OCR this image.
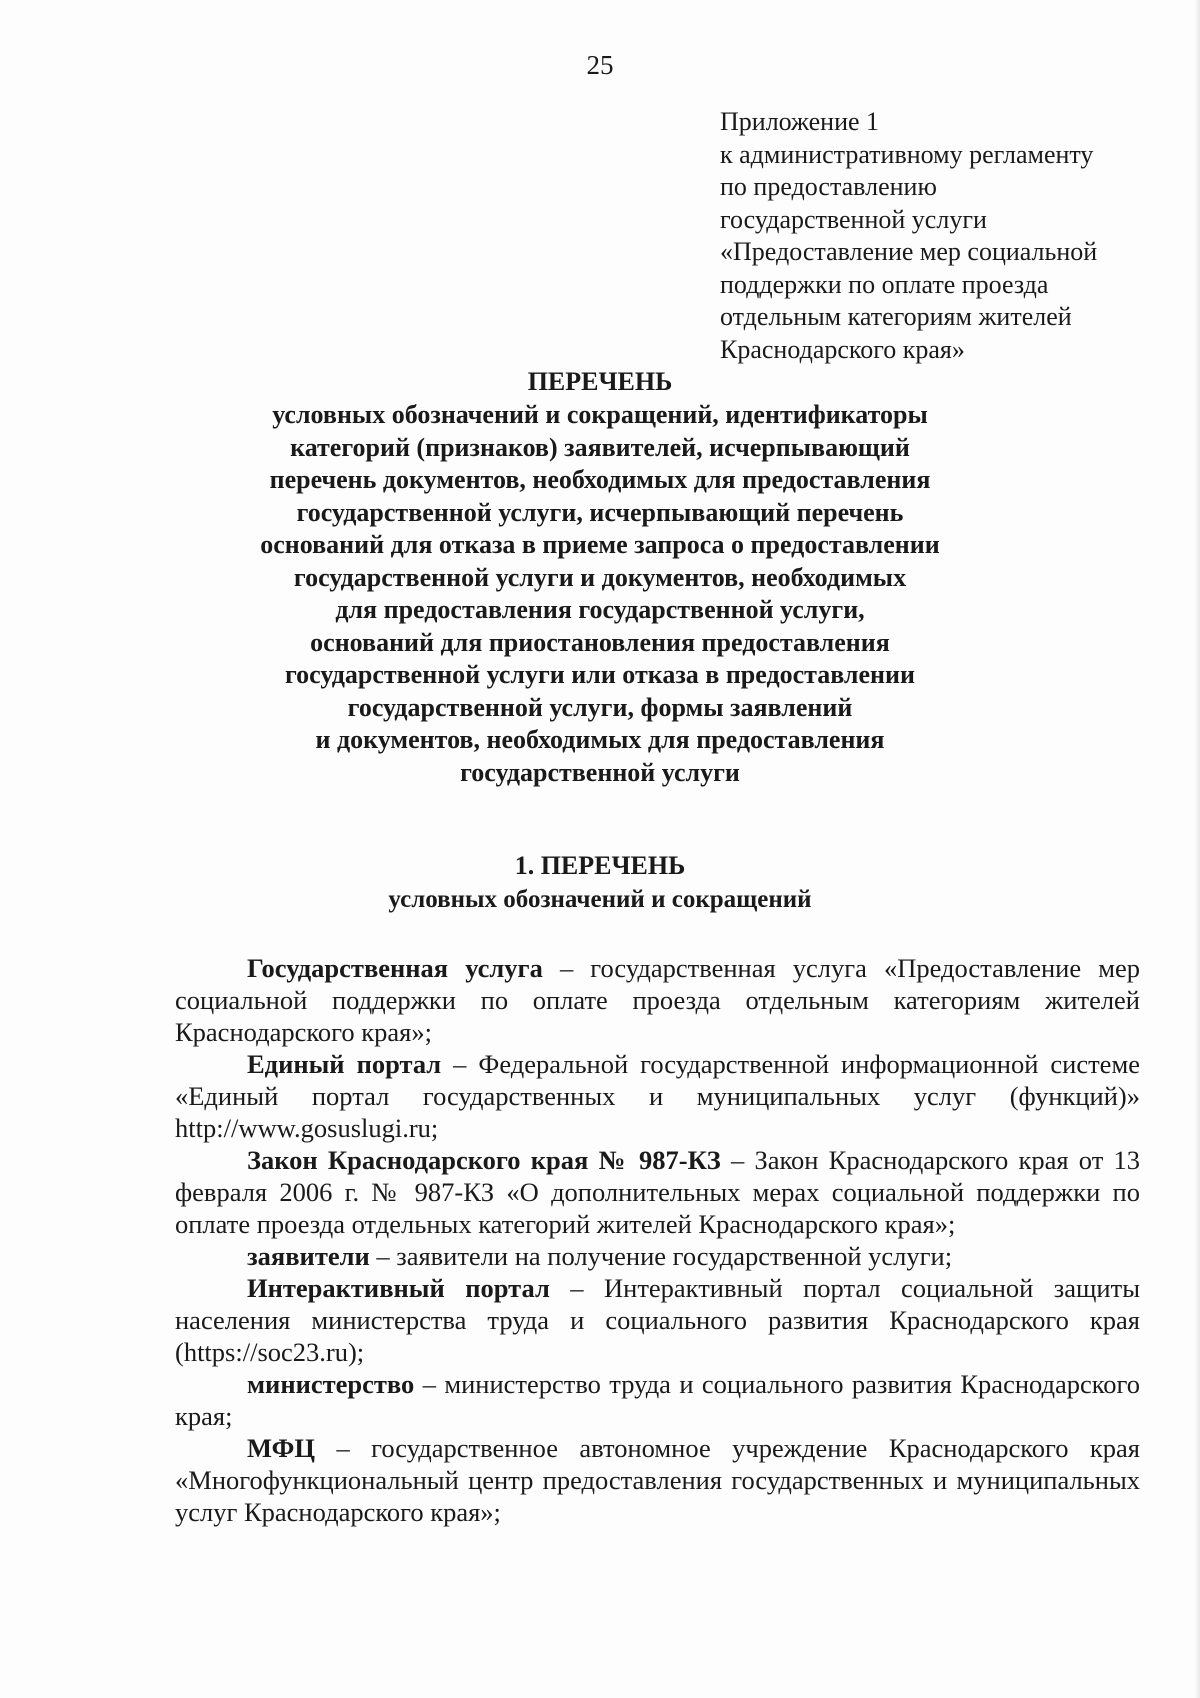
25
Приложение 1
к административному регламенту
по предоставлению
государственной услуги
«Предоставление мер социальной
поддержки по оплате проезда
отдельным категориям жителей
Краснодарского края»
ПЕРЕЧЕНЬ
условных обозначений и сокращений, идентификаторы
категорий (признаков) заявителей, исчерпывающий
перечень документов, необходимых для предоставления
государственной услуги, исчерпывающий перечень
оснований для отказа в приеме запроса о предоставлении
государственной услуги и документов, необходимых
для предоставления государственной услуги,
оснований для приостановления предоставления
государственной услуги или отказа в предоставлении
государственной услуги, формы заявлений
и документов, необходимых для предоставления
государственной услуги
1. ПЕРЕЧЕНЬ
условных обозначений и сокращений

Государственная услуга – государственная услуга «Предоставление мер социальной поддержки по оплате проезда отдельным категориям жителей Краснодарского края»;

Единый портал – Федеральной государственной информационной системе «Единый портал государственных и муниципальных услуг (функций)» http://www.gosuslugi.ru;

Закон Краснодарского края № 987-КЗ – Закон Краснодарского края от 13 февраля 2006 г. № 987-КЗ «О дополнительных мерах социальной поддержки по оплате проезда отдельных категорий жителей Краснодарского края»;

заявители – заявители на получение государственной услуги;

Интерактивный портал – Интерактивный портал социальной защиты населения министерства труда и социального развития Краснодарского края (https://soc23.ru);

министерство – министерство труда и социального развития Краснодарского края;

МФЦ – государственное автономное учреждение Краснодарского края «Многофункциональный центр предоставления государственных и муниципальных услуг Краснодарского края»;
